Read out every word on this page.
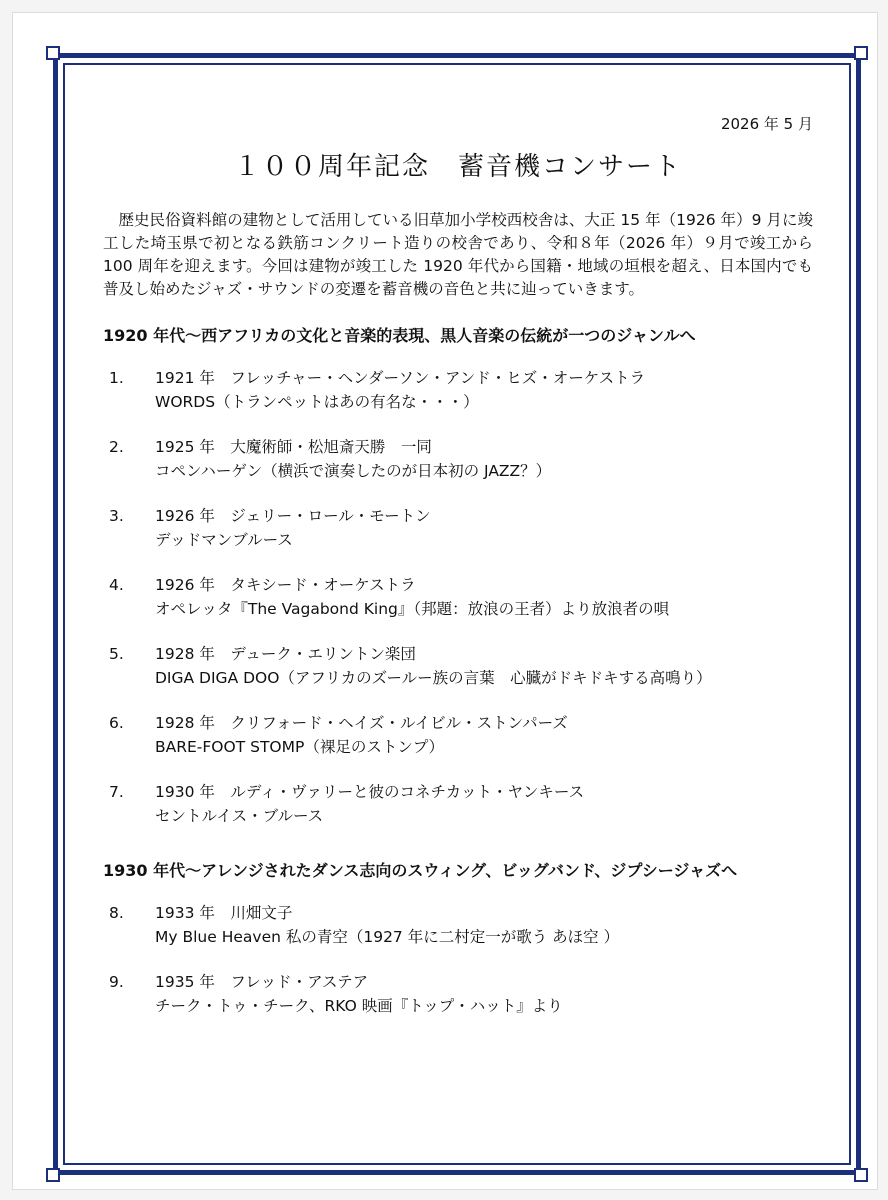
2026 年 5 月
１００周年記念　蓄音機コンサート

歴史民俗資料館の建物として活用している旧草加小学校西校舎は、大正 15 年（1926 年）9 月に竣工した埼玉県で初となる鉄筋コンクリート造りの校舎であり、令和８年（2026 年）９月で竣工から 100 周年を迎えます。今回は建物が竣工した 1920 年代から国籍・地域の垣根を超え、日本国内でも普及し始めたジャズ・サウンドの変遷を蓄音機の音色と共に辿っていきます。

1920 年代〜西アフリカの文化と音楽的表現、黒人音楽の伝統が一つのジャンルへ
1.	1921 年　フレッチャー・ヘンダーソン・アンド・ヒズ・オーケストラ
WORDS（トランペットはあの有名な・・・）
2.	1925 年　大魔術師・松旭斎天勝　一同
コペンハーゲン（横浜で演奏したのが日本初の JAZZ？）
3.	1926 年　ジェリー・ロール・モートン
デッドマンブルース
4.	1926 年　タキシード・オーケストラ
オペレッタ『The Vagabond King』（邦題：放浪の王者）より放浪者の唄
5.	1928 年　デューク・エリントン楽団
DIGA DIGA DOO（アフリカのズールー族の言葉　心臓がドキドキする高鳴り）
6.	1928 年　クリフォード・ヘイズ・ルイビル・ストンパーズ
BARE-FOOT STOMP（裸足のストンプ）
7.	1930 年　ルディ・ヴァリーと彼のコネチカット・ヤンキース
セントルイス・ブルース
1930 年代〜アレンジされたダンス志向のスウィング、ビッグバンド、ジプシージャズへ
8.	1933 年　川畑文子
My Blue Heaven 私の青空（1927 年に二村定一が歌う あほ空 ）
9.	1935 年　フレッド・アステア
チーク・トゥ・チーク、RKO 映画『トップ・ハット』より
